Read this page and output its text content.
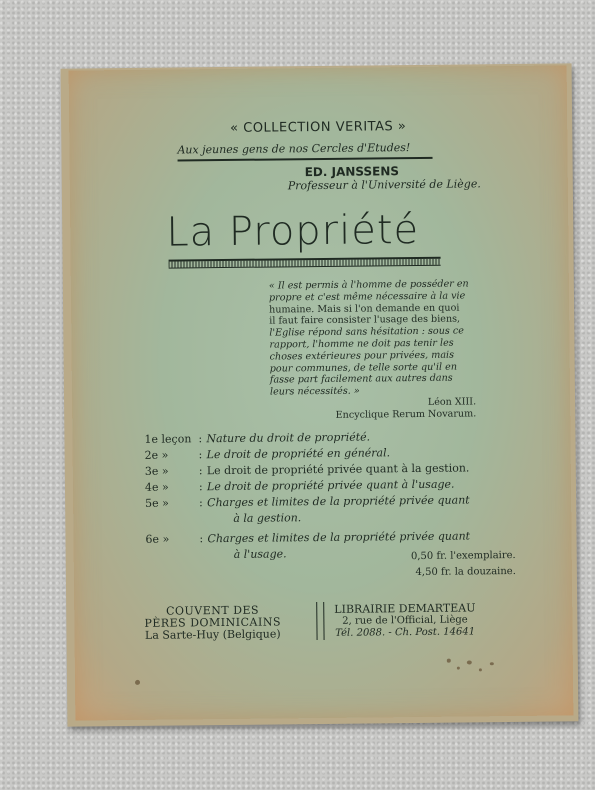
« COLLECTION VERITAS »
Aux jeunes gens de nos Cercles d'Etudes!
ED. JANSSENS
Professeur à l'Université de Liège.
La Propriété
« Il est permis à l'homme de posséder en
propre et c'est même nécessaire à la vie
humaine. Mais si l'on demande en quoi
il faut faire consister l'usage des biens,
l'Eglise répond sans hésitation : sous ce
rapport, l'homme ne doit pas tenir les
choses extérieures pour privées, mais
pour communes, de telle sorte qu'il en
fasse part facilement aux autres dans
leurs nécessités. »
Léon XIII.
Encyclique Rerum Novarum.
1e leçon : Nature du droit de propriété.
2e »	: Le droit de propriété en général.
3e »	: Le droit de propriété privée quant à la gestion.
4e »	: Le droit de propriété privée quant à l'usage.
5e »	: Charges et limites de la propriété privée quant
à la gestion.
6e »	: Charges et limites de la propriété privée quant
à l'usage.	0,50 fr. l'exemplaire.
4,50 fr. la douzaine.
COUVENT DES
PÈRES DOMINICAINS
La Sarte-Huy (Belgique)
LIBRAIRIE DEMARTEAU
2, rue de l'Official, Liège
Tél. 2088. - Ch. Post. 14641
